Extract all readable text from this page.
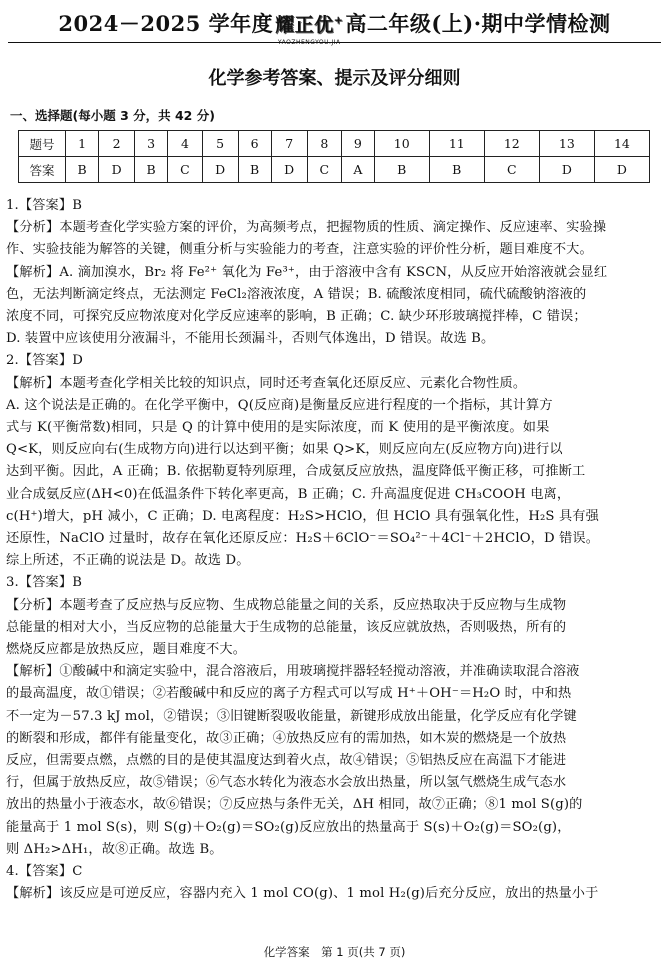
2024－2025 学年度 耀正优+
YAOZHENGYOU.JIA
高二年级(上)·期中学情检测
化学参考答案、提示及评分细则
一、选择题(每小题 3 分，共 42 分)
题号	1	2	3	4	5	6	7	8	9	10	11	12	13	14
答案	B	D	B	C	D	B	D	C	A	B	B	C	D	D

1.【答案】B

【分析】本题考查化学实验方案的评价，为高频考点，把握物质的性质、滴定操作、反应速率、实验操

作、实验技能为解答的关键，侧重分析与实验能力的考查，注意实验的评价性分析，题目难度不大。

【解析】A. 滴加溴水，Br₂ 将 Fe²⁺ 氧化为 Fe³⁺，由于溶液中含有 KSCN，从反应开始溶液就会显红

色，无法判断滴定终点，无法测定 FeCl₂溶液浓度，A 错误；B. 硫酸浓度相同，硫代硫酸钠溶液的

浓度不同，可探究反应物浓度对化学反应速率的影响，B 正确；C. 缺少环形玻璃搅拌棒，C 错误；

D. 装置中应该使用分液漏斗，不能用长颈漏斗，否则气体逸出，D 错误。故选 B。

2.【答案】D

【解析】本题考查化学相关比较的知识点，同时还考查氧化还原反应、元素化合物性质。

A. 这个说法是正确的。在化学平衡中，Q(反应商)是衡量反应进行程度的一个指标，其计算方

式与 K(平衡常数)相同，只是 Q 的计算中使用的是实际浓度，而 K 使用的是平衡浓度。如果

Q<K，则反应向右(生成物方向)进行以达到平衡；如果 Q>K，则反应向左(反应物方向)进行以

达到平衡。因此，A 正确；B. 依据勒夏特列原理，合成氨反应放热，温度降低平衡正移，可推断工

业合成氨反应(ΔH<0)在低温条件下转化率更高，B 正确；C. 升高温度促进 CH₃COOH 电离，

c(H⁺)增大，pH 减小，C 正确；D. 电离程度：H₂S>HClO，但 HClO 具有强氧化性，H₂S 具有强

还原性，NaClO 过量时，故存在氧化还原反应：H₂S＋6ClO⁻＝SO₄²⁻＋4Cl⁻＋2HClO，D 错误。

综上所述，不正确的说法是 D。故选 D。

3.【答案】B

【分析】本题考查了反应热与反应物、生成物总能量之间的关系，反应热取决于反应物与生成物

总能量的相对大小，当反应物的总能量大于生成物的总能量，该反应就放热，否则吸热，所有的

燃烧反应都是放热反应，题目难度不大。

【解析】①酸碱中和滴定实验中，混合溶液后，用玻璃搅拌器轻轻搅动溶液，并准确读取混合溶液

的最高温度，故①错误；②若酸碱中和反应的离子方程式可以写成 H⁺＋OH⁻＝H₂O 时，中和热

不一定为－57.3 kJ mol，②错误；③旧键断裂吸收能量，新键形成放出能量，化学反应有化学键

的断裂和形成，都伴有能量变化，故③正确；④放热反应有的需加热，如木炭的燃烧是一个放热

反应，但需要点燃，点燃的目的是使其温度达到着火点，故④错误；⑤铝热反应在高温下才能进

行，但属于放热反应，故⑤错误；⑥气态水转化为液态水会放出热量，所以氢气燃烧生成气态水

放出的热量小于液态水，故⑥错误；⑦反应热与条件无关，ΔH 相同，故⑦正确；⑧1 mol S(g)的

能量高于 1 mol S(s)，则 S(g)＋O₂(g)＝SO₂(g)反应放出的热量高于 S(s)＋O₂(g)＝SO₂(g)，

则 ΔH₂>ΔH₁，故⑧正确。故选 B。

4.【答案】C

【解析】该反应是可逆反应，容器内充入 1 mol CO(g)、1 mol H₂(g)后充分反应，放出的热量小于

化学答案　第 1 页(共 7 页)
